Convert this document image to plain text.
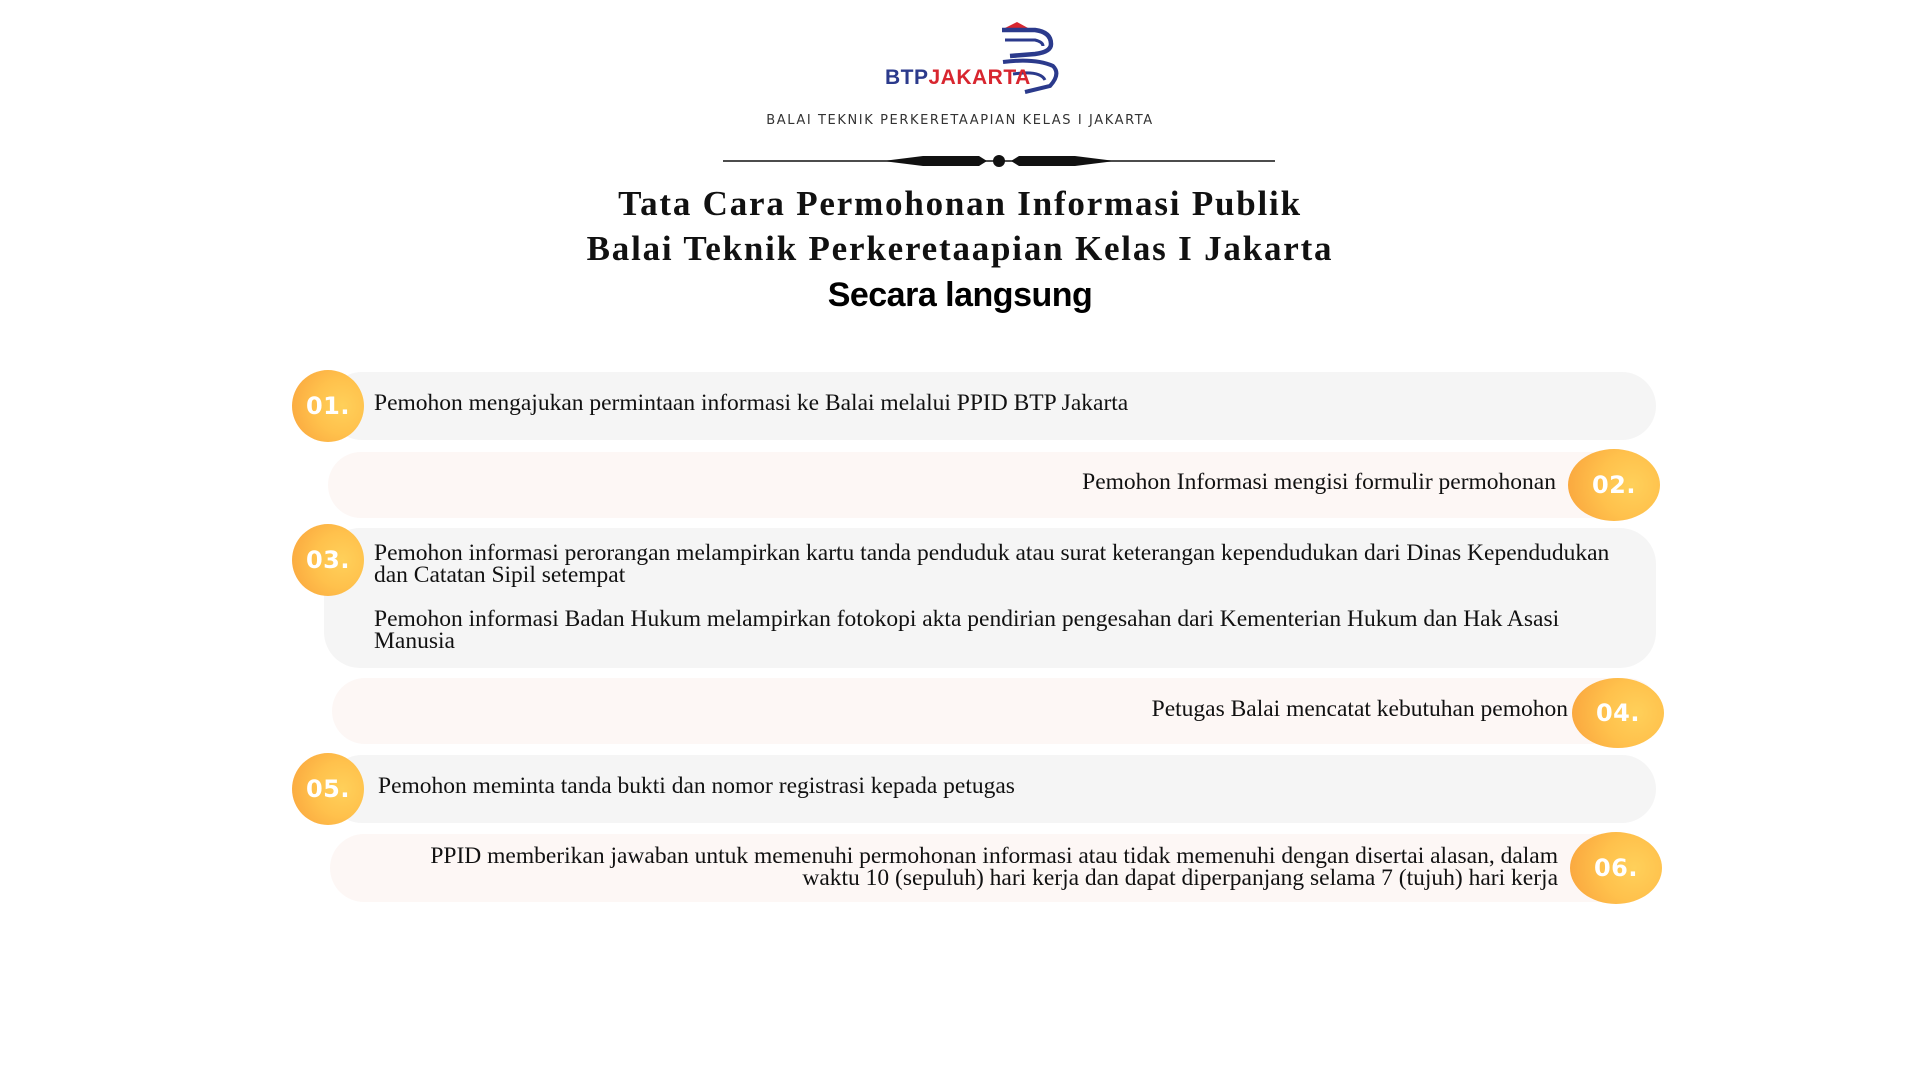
BTPJAKARTA
BALAI TEKNIK PERKERETAAPIAN KELAS I JAKARTA
Tata Cara Permohonan Informasi Publik
Balai Teknik Perkeretaapian Kelas I Jakarta
Secara langsung
Pemohon mengajukan permintaan informasi ke Balai melalui PPID BTP Jakarta
01.
Pemohon Informasi mengisi formulir permohonan	02.
Pemohon informasi perorangan melampirkan kartu tanda penduduk atau surat keterangan kependudukan dari Dinas Kependudukan dan Catatan Sipil setempat
Pemohon informasi Badan Hukum melampirkan fotokopi akta pendirian pengesahan dari Kementerian Hukum dan Hak Asasi Manusia
03.
Petugas Balai mencatat kebutuhan pemohon	04.
Pemohon meminta tanda bukti dan nomor registrasi kepada petugas
05.
PPID memberikan jawaban untuk memenuhi permohonan informasi atau tidak memenuhi dengan disertai alasan, dalam waktu 10 (sepuluh) hari kerja dan dapat diperpanjang selama 7 (tujuh) hari kerja	06.
